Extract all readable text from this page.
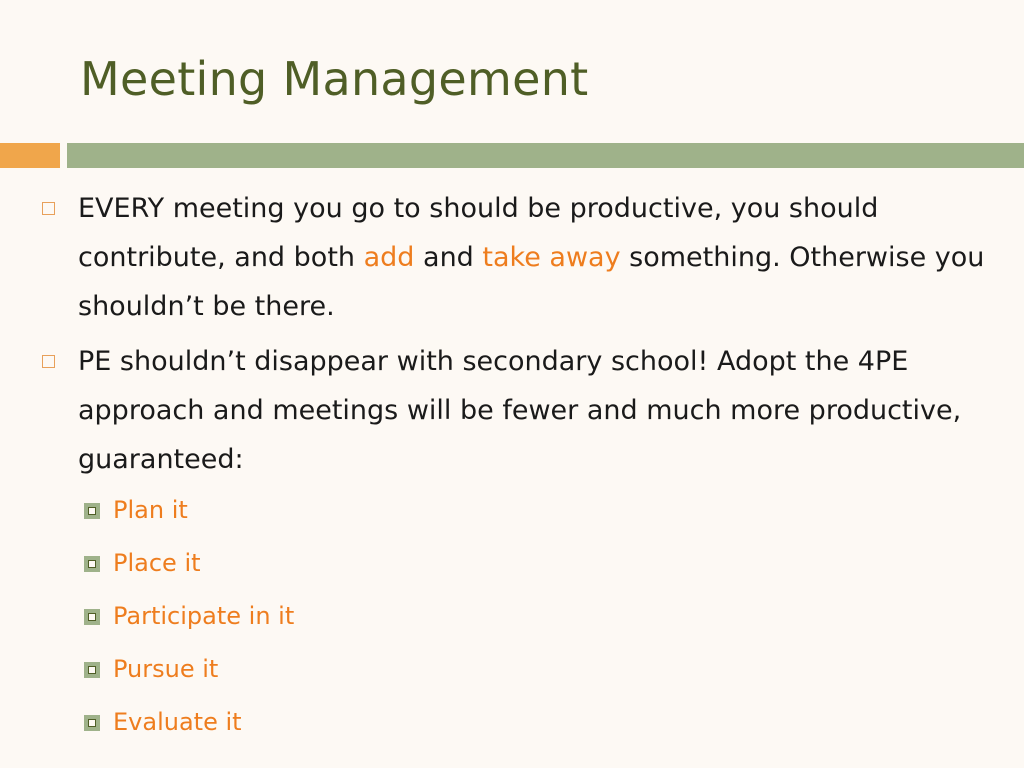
Meeting Management
EVERY meeting you go to should be productive, you should contribute, and both add and take away something. Otherwise you shouldn’t be there.
PE shouldn’t disappear with secondary school! Adopt the 4PE approach and meetings will be fewer and much more productive, guaranteed:
Plan it
Place it
Participate in it
Pursue it
Evaluate it
